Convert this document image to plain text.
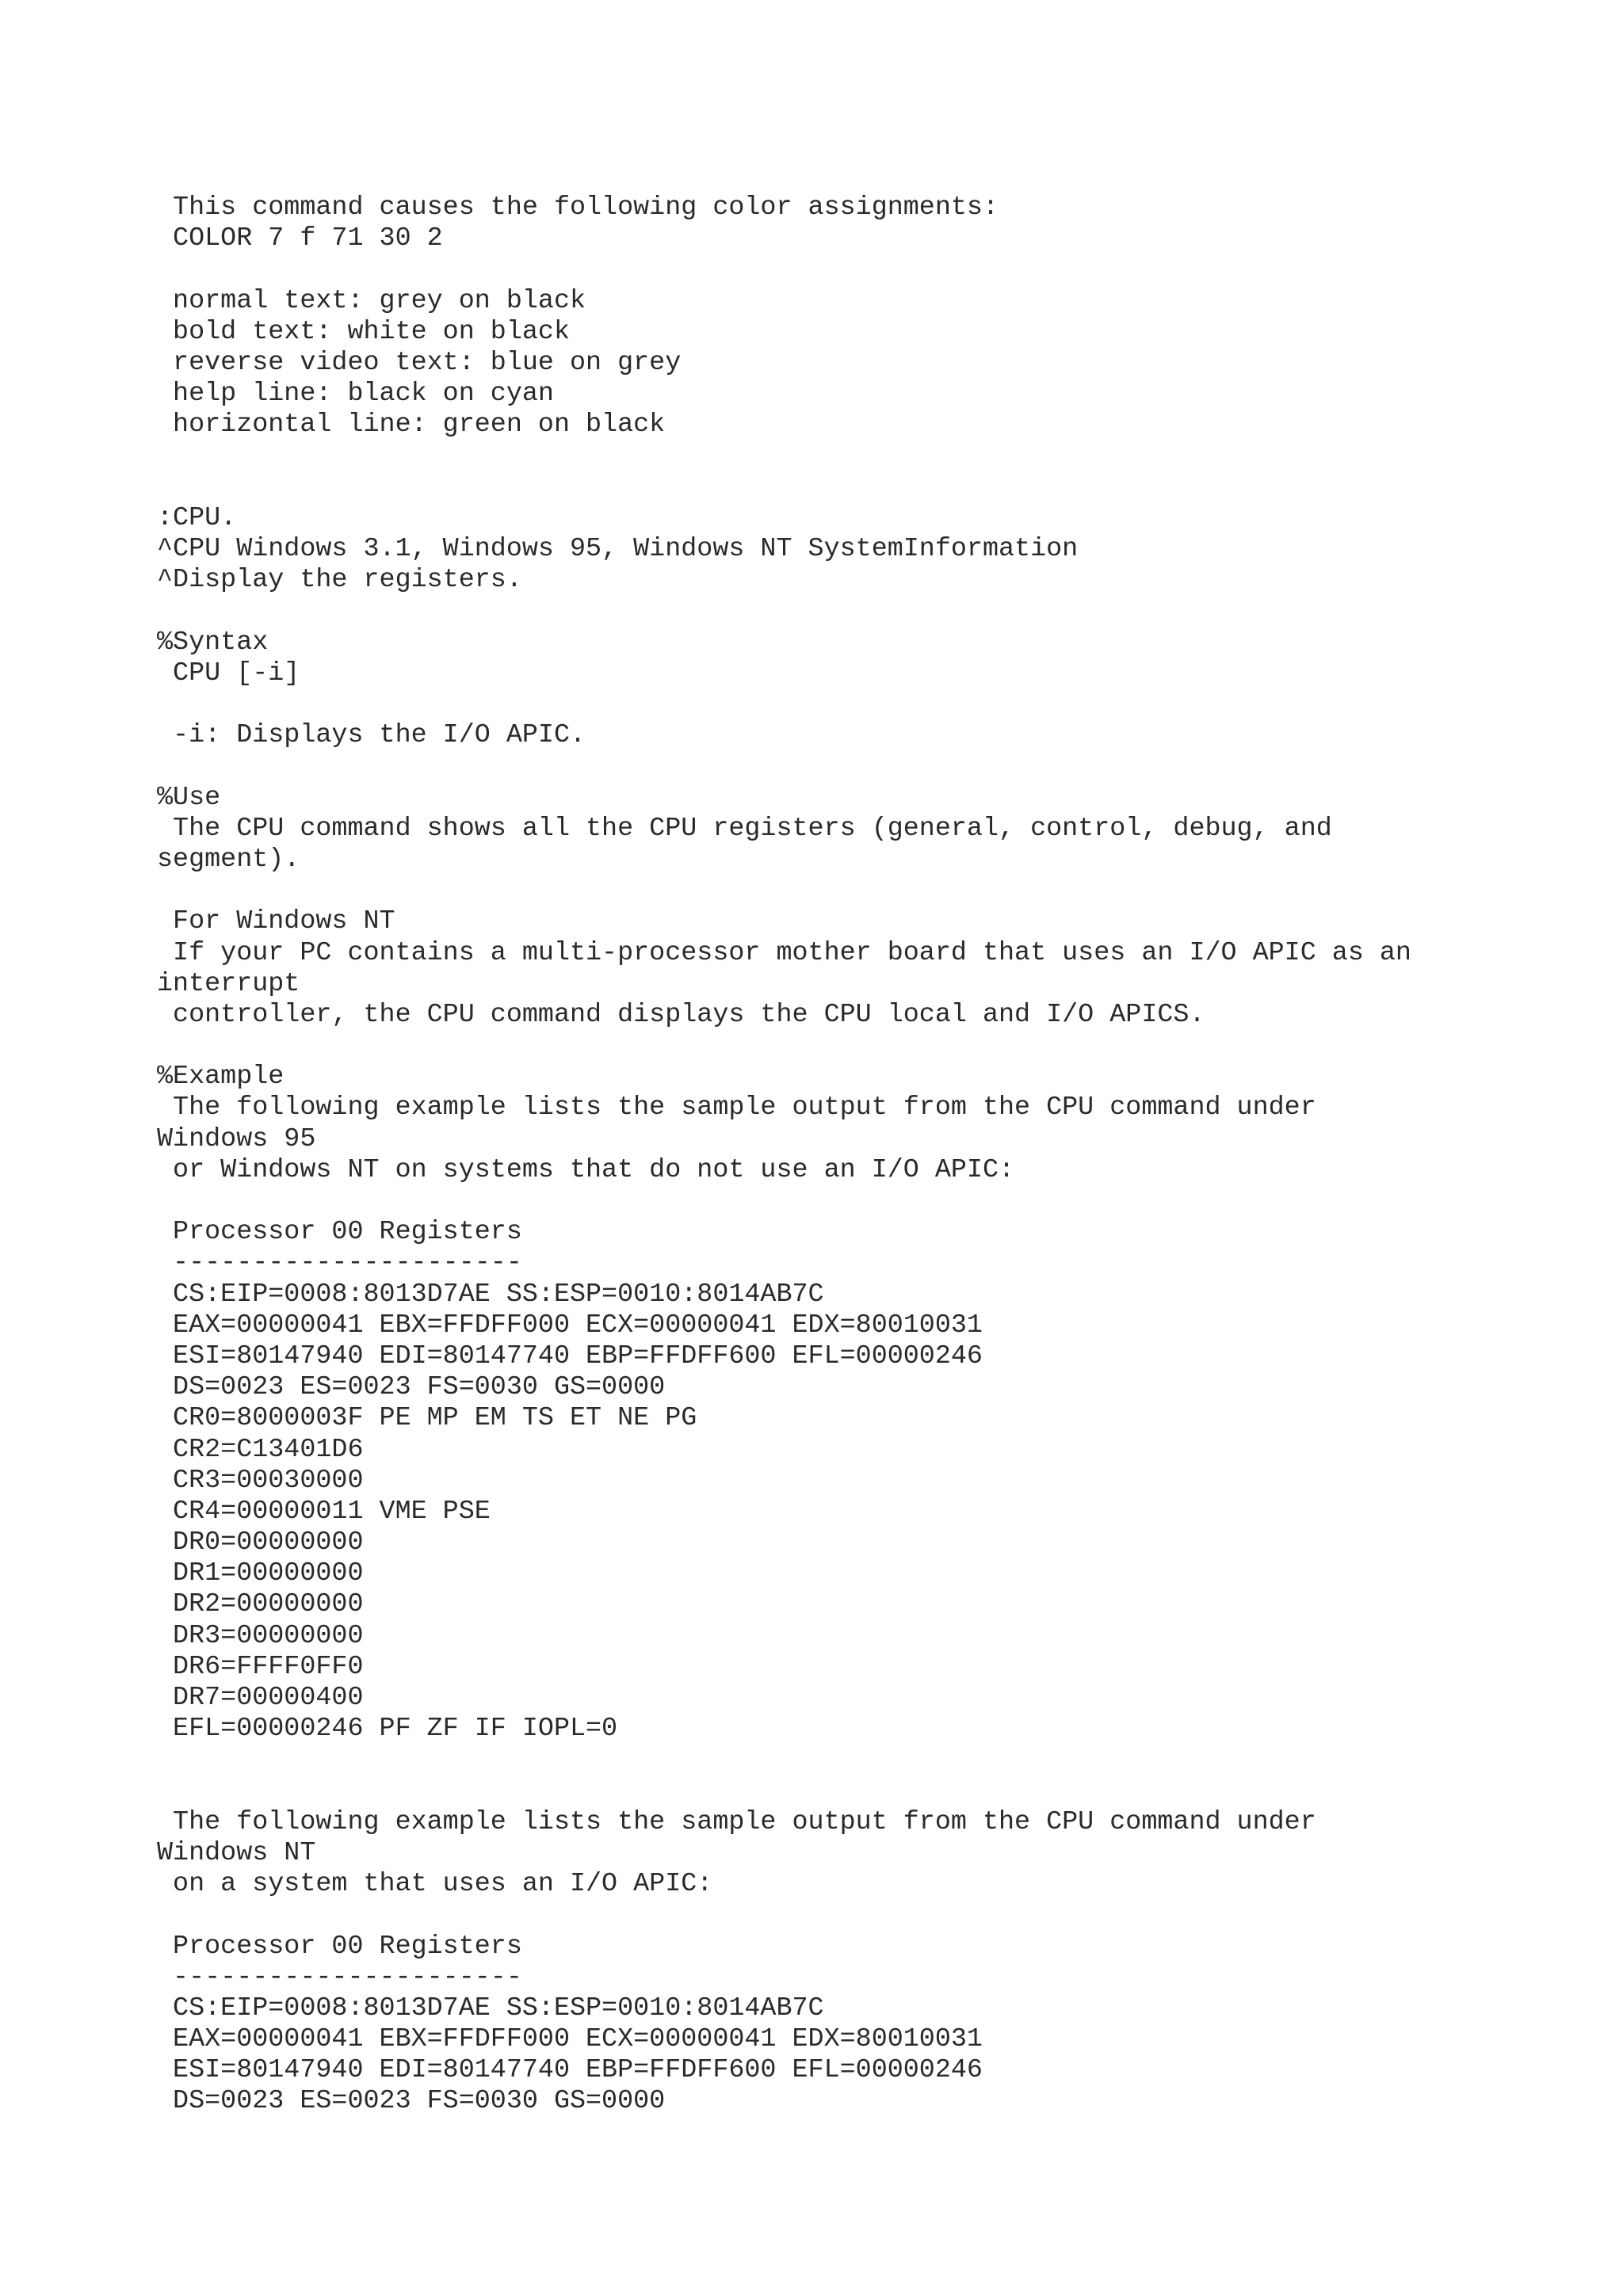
This command causes the following color assignments:
COLOR 7 f 71 30 2
normal text: grey on black
bold text: white on black
reverse video text: blue on grey
help line: black on cyan
horizontal line: green on black
:CPU.
^CPU Windows 3.1, Windows 95, Windows NT SystemInformation
^Display the registers.
%Syntax
CPU [-i]
-i: Displays the I/O APIC.
%Use
The CPU command shows all the CPU registers (general, control, debug, and
segment).
For Windows NT
If your PC contains a multi-processor mother board that uses an I/O APIC as an
interrupt
controller, the CPU command displays the CPU local and I/O APICS.
%Example
The following example lists the sample output from the CPU command under
Windows 95
or Windows NT on systems that do not use an I/O APIC:
Processor 00 Registers
----------------------
CS:EIP=0008:8013D7AE SS:ESP=0010:8014AB7C
EAX=00000041 EBX=FFDFF000 ECX=00000041 EDX=80010031
ESI=80147940 EDI=80147740 EBP=FFDFF600 EFL=00000246
DS=0023 ES=0023 FS=0030 GS=0000
CR0=8000003F PE MP EM TS ET NE PG
CR2=C13401D6
CR3=00030000
CR4=00000011 VME PSE
DR0=00000000
DR1=00000000
DR2=00000000
DR3=00000000
DR6=FFFF0FF0
DR7=00000400
EFL=00000246 PF ZF IF IOPL=0
The following example lists the sample output from the CPU command under
Windows NT
on a system that uses an I/O APIC:
Processor 00 Registers
----------------------
CS:EIP=0008:8013D7AE SS:ESP=0010:8014AB7C
EAX=00000041 EBX=FFDFF000 ECX=00000041 EDX=80010031
ESI=80147940 EDI=80147740 EBP=FFDFF600 EFL=00000246
DS=0023 ES=0023 FS=0030 GS=0000
